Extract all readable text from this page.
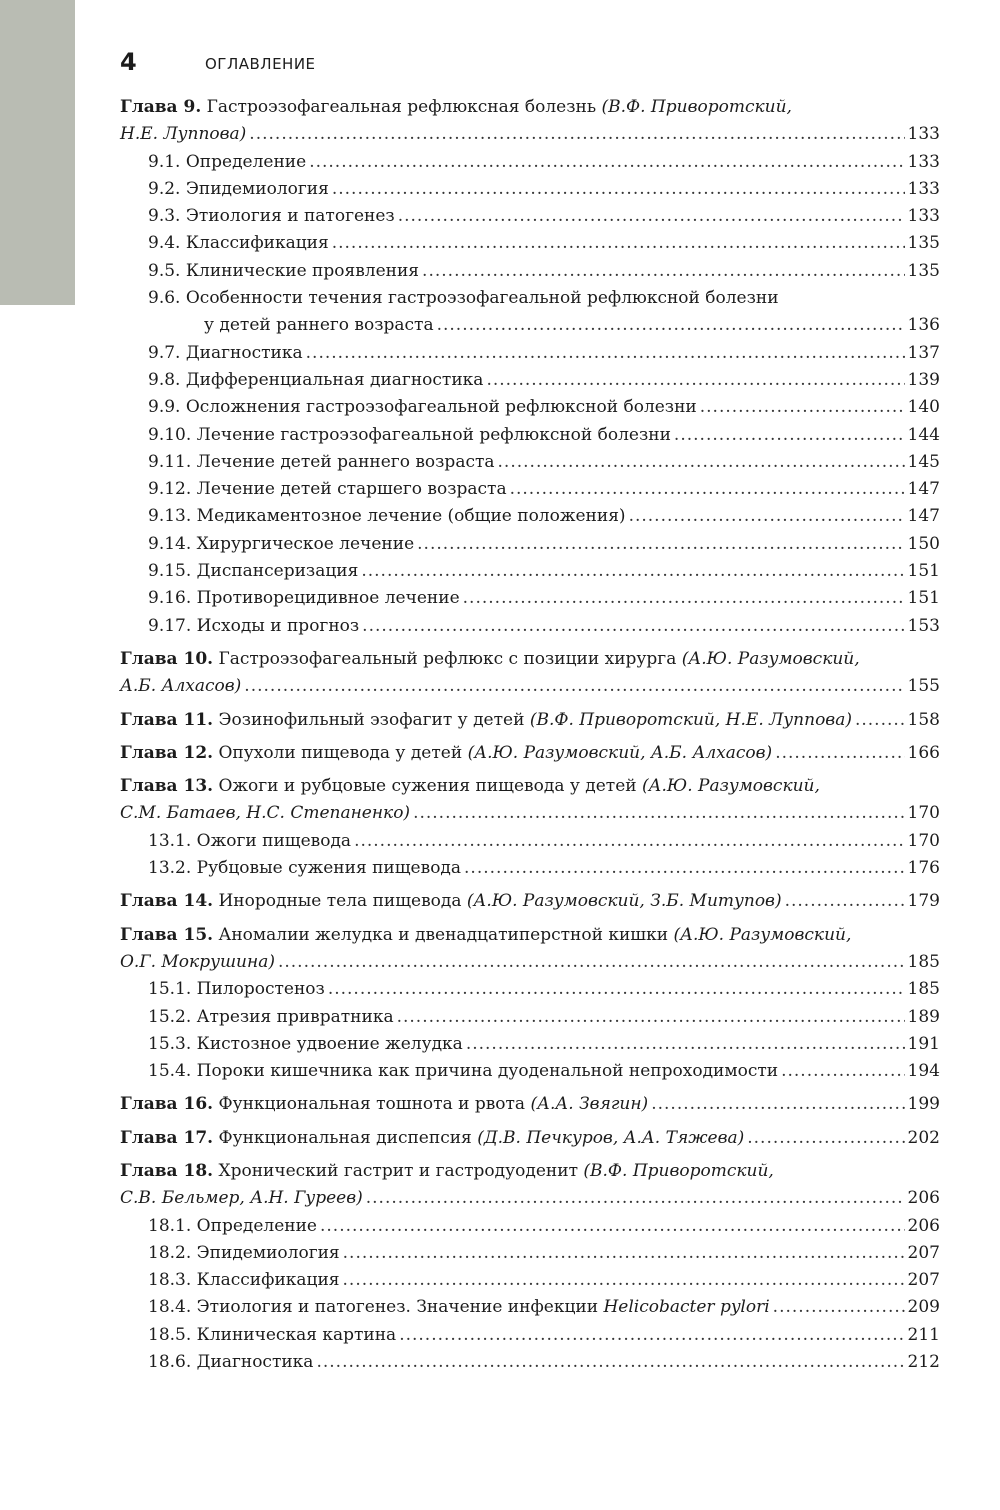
4	ОГЛАВЛЕНИЕ
Глава 9. Гастроэзофагеальная рефлюксная болезнь (В.Ф. Приворотский,
Н.Е. Луппова) .....	133
9.1. Определение .....	133
9.2. Эпидемиология .....	133
9.3. Этиология и патогенез .....	133
9.4. Классификация .....	135
9.5. Клинические проявления .....	135
9.6. Особенности течения гастроэзофагеальной рефлюксной болезни
у детей раннего возраста .....	136
9.7. Диагностика .....	137
9.8. Дифференциальная диагностика .....	139
9.9. Осложнения гастроэзофагеальной рефлюксной болезни .....	140
9.10. Лечение гастроэзофагеальной рефлюксной болезни .....	144
9.11. Лечение детей раннего возраста .....	145
9.12. Лечение детей старшего возраста .....	147
9.13. Медикаментозное лечение (общие положения) .....	147
9.14. Хирургическое лечение .....	150
9.15. Диспансеризация .....	151
9.16. Противорецидивное лечение .....	151
9.17. Исходы и прогноз .....	153
Глава 10. Гастроэзофагеальный рефлюкс с позиции хирурга (А.Ю. Разумовский,
А.Б. Алхасов) .....	155
Глава 11. Эозинофильный эзофагит у детей (В.Ф. Приворотский, Н.Е. Луппова) .....	158
Глава 12. Опухоли пищевода у детей (А.Ю. Разумовский, А.Б. Алхасов) .....	166
Глава 13. Ожоги и рубцовые сужения пищевода у детей (А.Ю. Разумовский,
С.М. Батаев, Н.С. Степаненко) .....	170
13.1. Ожоги пищевода .....	170
13.2. Рубцовые сужения пищевода .....	176
Глава 14. Инородные тела пищевода (А.Ю. Разумовский, З.Б. Митупов) .....	179
Глава 15. Аномалии желудка и двенадцатиперстной кишки (А.Ю. Разумовский,
О.Г. Мокрушина) .....	185
15.1. Пилоростеноз .....	185
15.2. Атрезия привратника .....	189
15.3. Кистозное удвоение желудка .....	191
15.4. Пороки кишечника как причина дуоденальной непроходимости .....	194
Глава 16. Функциональная тошнота и рвота (А.А. Звягин) .....	199
Глава 17. Функциональная диспепсия (Д.В. Печкуров, А.А. Тяжева) .....	202
Глава 18. Хронический гастрит и гастродуоденит (В.Ф. Приворотский,
С.В. Бельмер, А.Н. Гуреев) .....	206
18.1. Определение .....	206
18.2. Эпидемиология .....	207
18.3. Классификация .....	207
18.4. Этиология и патогенез. Значение инфекции Helicobacter pylori .....	209
18.5. Клиническая картина .....	211
18.6. Диагностика .....	212
